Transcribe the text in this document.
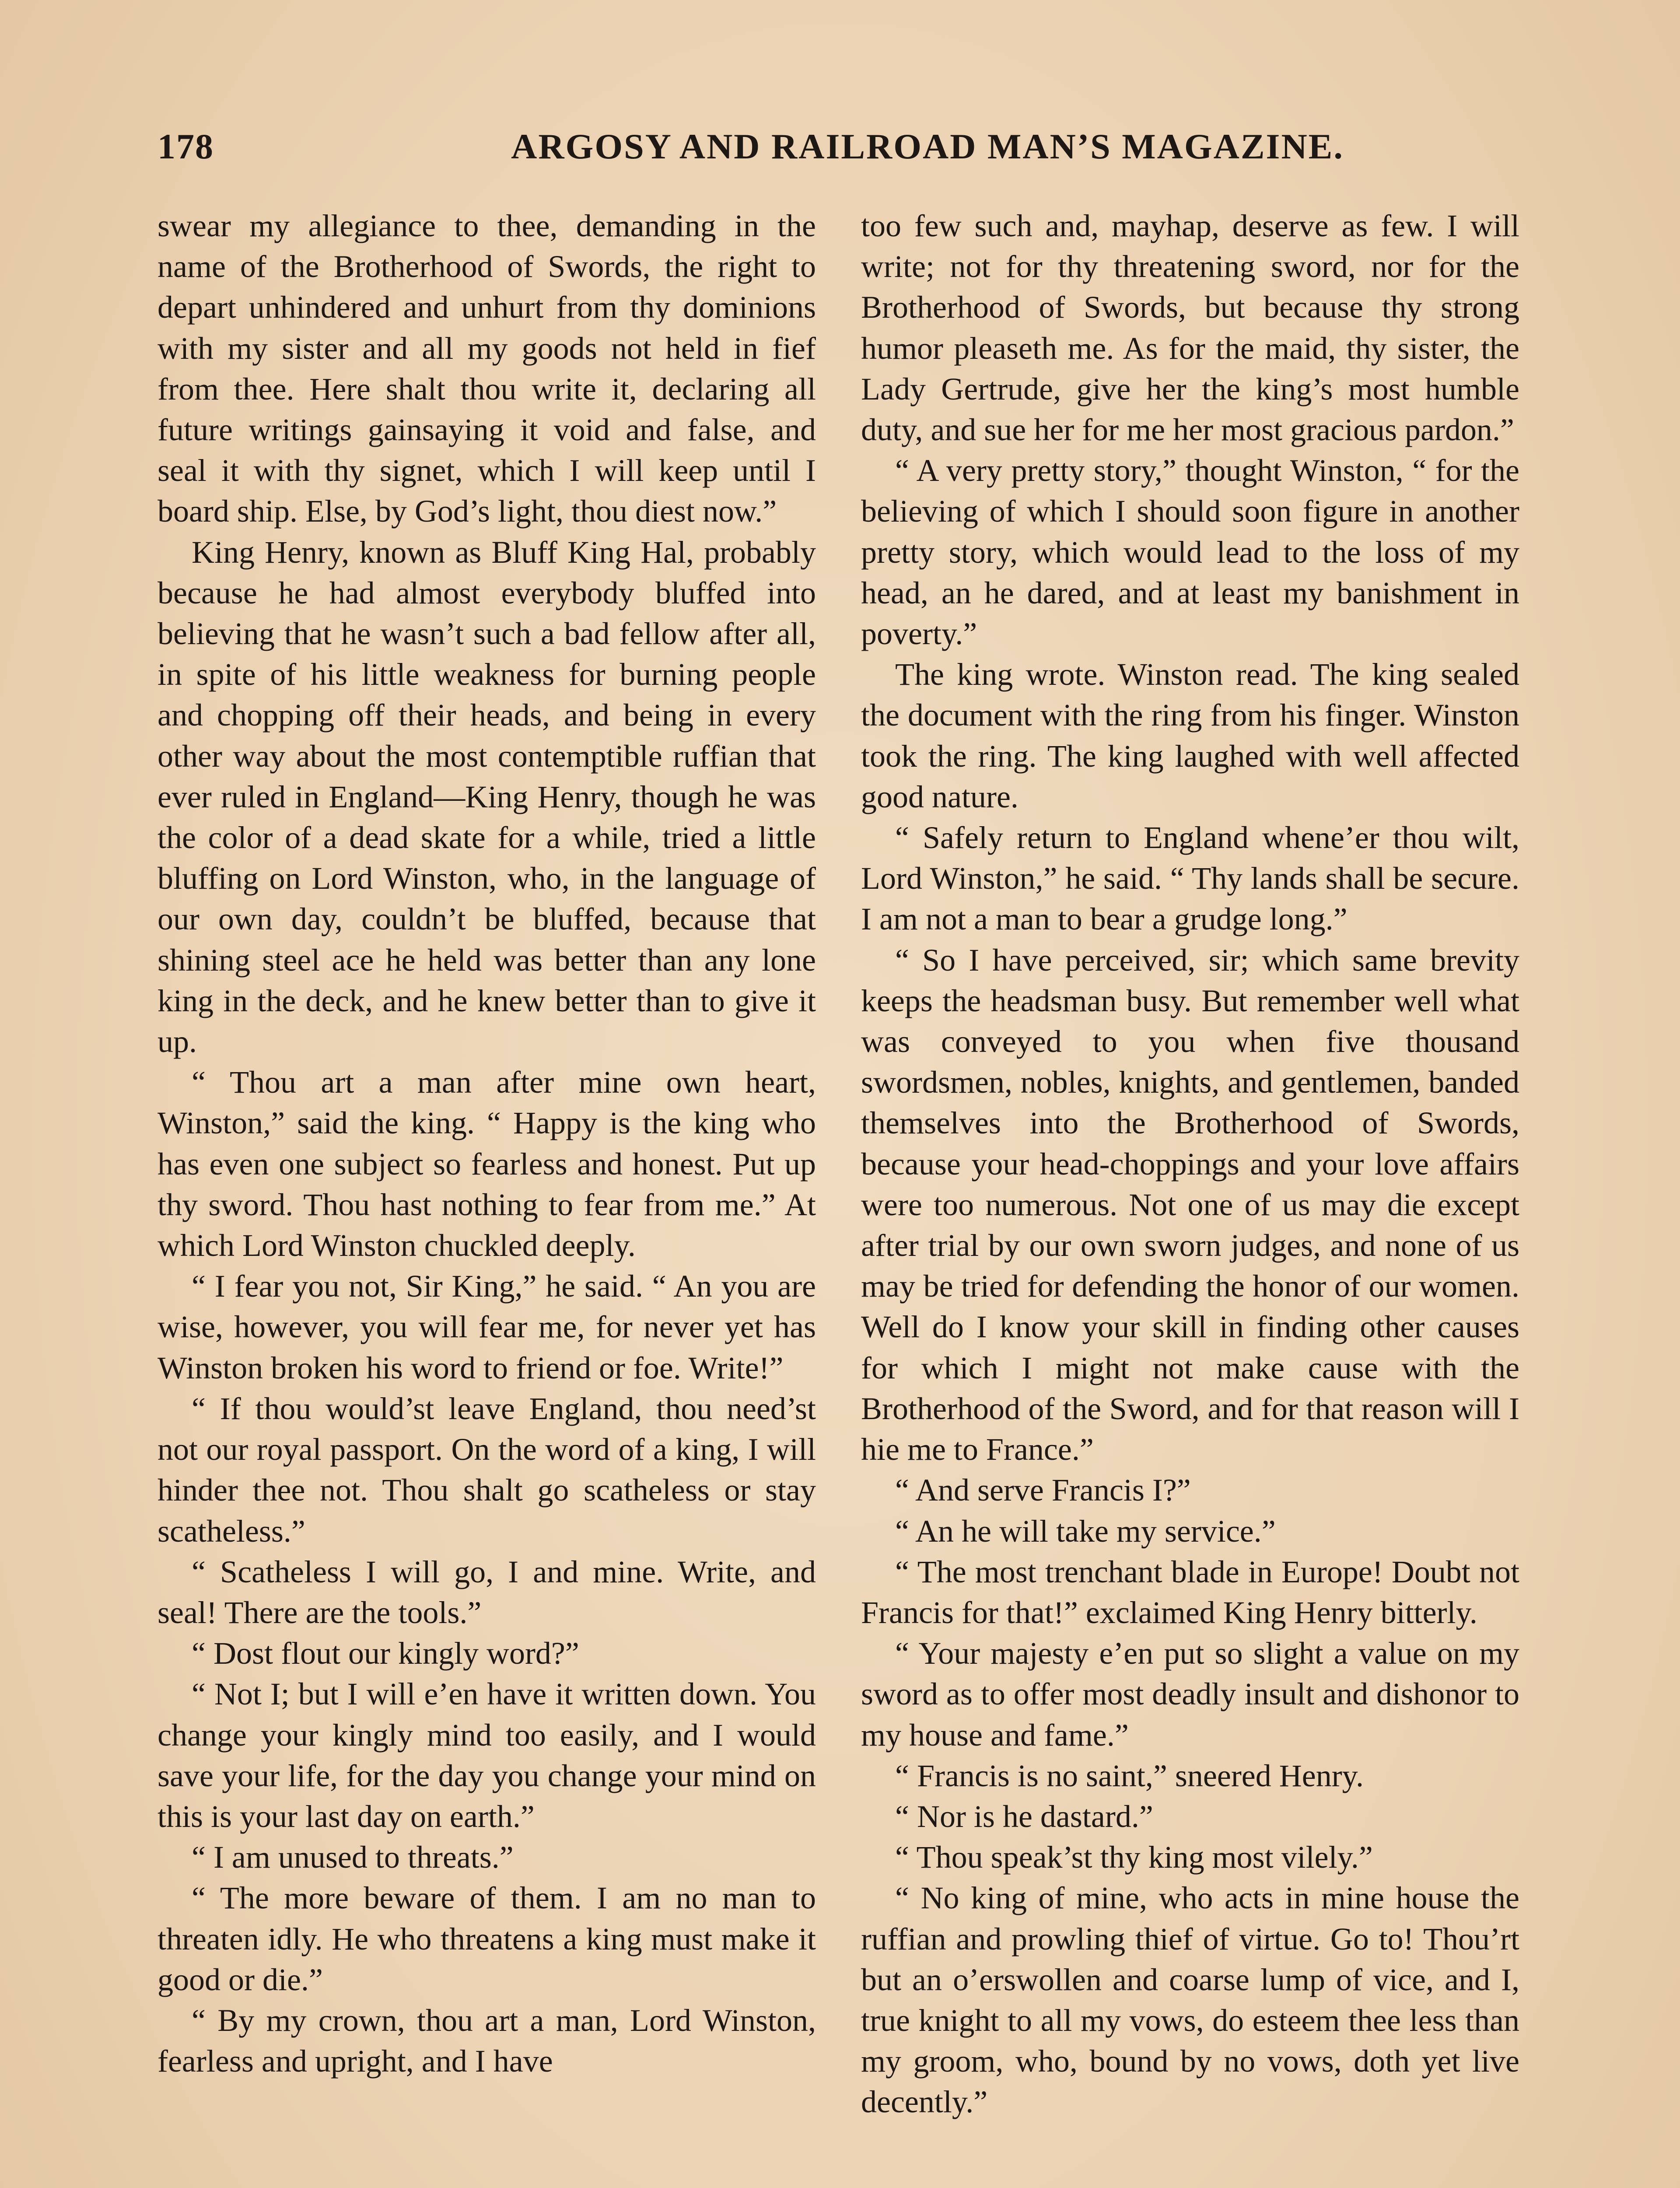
178	ARGOSY AND RAILROAD MAN’S MAGAZINE.

swear my allegiance to thee, demanding in the name of the Brotherhood of Swords, the right to depart unhindered and unhurt from thy dominions with my sister and all my goods not held in fief from thee. Here shalt thou write it, declaring all future writings gainsaying it void and false, and seal it with thy signet, which I will keep until I board ship. Else, by God’s light, thou diest now.”

King Henry, known as Bluff King Hal, probably because he had almost everybody bluffed into believing that he wasn’t such a bad fellow after all, in spite of his little weakness for burning people and chopping off their heads, and being in every other way about the most contemptible ruffian that ever ruled in England—King Henry, though he was the color of a dead skate for a while, tried a little bluffing on Lord Winston, who, in the language of our own day, couldn’t be bluffed, because that shining steel ace he held was better than any lone king in the deck, and he knew better than to give it up.

“ Thou art a man after mine own heart, Winston,” said the king. “ Happy is the king who has even one subject so fearless and honest. Put up thy sword. Thou hast nothing to fear from me.” At which Lord Winston chuckled deeply.

“ I fear you not, Sir King,” he said. “ An you are wise, however, you will fear me, for never yet has Winston broken his word to friend or foe. Write!”

“ If thou would’st leave England, thou need’st not our royal passport. On the word of a king, I will hinder thee not. Thou shalt go scatheless or stay scatheless.”

“ Scatheless I will go, I and mine. Write, and seal! There are the tools.”

“ Dost flout our kingly word?”

“ Not I; but I will e’en have it written down. You change your kingly mind too easily, and I would save your life, for the day you change your mind on this is your last day on earth.”

“ I am unused to threats.”

“ The more beware of them. I am no man to threaten idly. He who threatens a king must make it good or die.”

“ By my crown, thou art a man, Lord Winston, fearless and upright, and I have

too few such and, mayhap, deserve as few. I will write; not for thy threatening sword, nor for the Brotherhood of Swords, but because thy strong humor pleaseth me. As for the maid, thy sister, the Lady Gertrude, give her the king’s most humble duty, and sue her for me her most gracious pardon.”

“ A very pretty story,” thought Winston, “ for the believing of which I should soon figure in another pretty story, which would lead to the loss of my head, an he dared, and at least my banishment in poverty.”

The king wrote. Winston read. The king sealed the document with the ring from his finger. Winston took the ring. The king laughed with well affected good nature.

“ Safely return to England whene’er thou wilt, Lord Winston,” he said. “ Thy lands shall be secure. I am not a man to bear a grudge long.”

“ So I have perceived, sir; which same brevity keeps the headsman busy. But remember well what was conveyed to you when five thousand swordsmen, nobles, knights, and gentlemen, banded themselves into the Brotherhood of Swords, because your head-choppings and your love affairs were too numerous. Not one of us may die except after trial by our own sworn judges, and none of us may be tried for defending the honor of our women. Well do I know your skill in finding other causes for which I might not make cause with the Brotherhood of the Sword, and for that reason will I hie me to France.”

“ And serve Francis I?”

“ An he will take my service.”

“ The most trenchant blade in Europe! Doubt not Francis for that!” exclaimed King Henry bitterly.

“ Your majesty e’en put so slight a value on my sword as to offer most deadly insult and dishonor to my house and fame.”

“ Francis is no saint,” sneered Henry.

“ Nor is he dastard.”

“ Thou speak’st thy king most vilely.”

“ No king of mine, who acts in mine house the ruffian and prowling thief of virtue. Go to! Thou’rt but an o’erswollen and coarse lump of vice, and I, true knight to all my vows, do esteem thee less than my groom, who, bound by no vows, doth yet live decently.”
